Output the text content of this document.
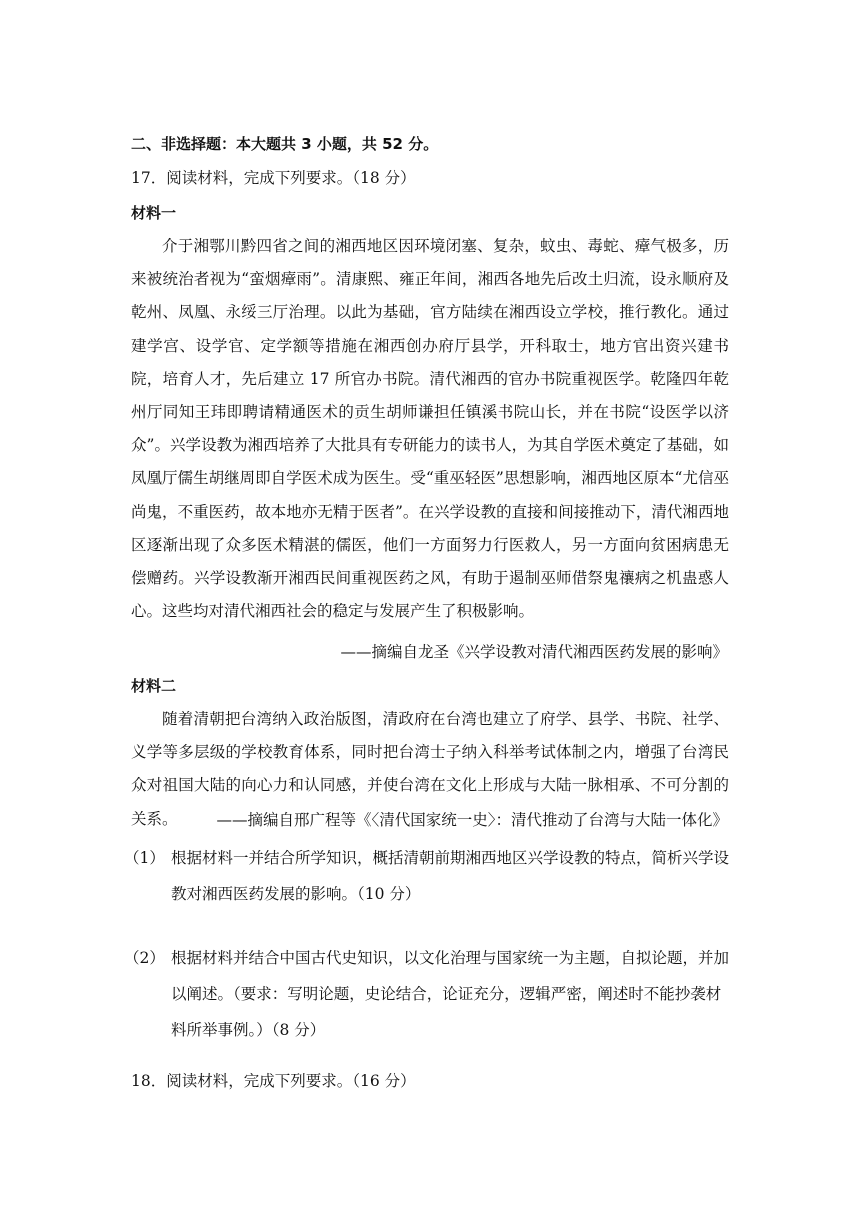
二、非选择题：本大题共 3 小题，共 52 分。
17．阅读材料，完成下列要求。（18 分）
材料一

介于湘鄂川黔四省之间的湘西地区因环境闭塞、复杂，蚊虫、毒蛇、瘴气极多，历来被统治者视为“蛮烟瘴雨”。清康熙、雍正年间，湘西各地先后改土归流，设永顺府及乾州、凤凰、永绥三厅治理。以此为基础，官方陆续在湘西设立学校，推行教化。通过建学宫、设学官、定学额等措施在湘西创办府厅县学，开科取士，地方官出资兴建书院，培育人才，先后建立 17 所官办书院。清代湘西的官办书院重视医学。乾隆四年乾州厅同知王玮即聘请精通医术的贡生胡师谦担任镇溪书院山长，并在书院“设医学以济众”。兴学设教为湘西培养了大批具有专研能力的读书人，为其自学医术奠定了基础，如凤凰厅儒生胡继周即自学医术成为医生。受“重巫轻医”思想影响，湘西地区原本“尤信巫尚鬼，不重医药，故本地亦无精于医者”。在兴学设教的直接和间接推动下，清代湘西地区逐渐出现了众多医术精湛的儒医，他们一方面努力行医救人，另一方面向贫困病患无偿赠药。兴学设教渐开湘西民间重视医药之风，有助于遏制巫师借祭鬼禳病之机蛊惑人心。这些均对清代湘西社会的稳定与发展产生了积极影响。

——摘编自龙圣《兴学设教对清代湘西医药发展的影响》
材料二

随着清朝把台湾纳入政治版图，清政府在台湾也建立了府学、县学、书院、社学、义学等多层级的学校教育体系，同时把台湾士子纳入科举考试体制之内，增强了台湾民众对祖国大陆的向心力和认同感，并使台湾在文化上形成与大陆一脉相承、不可分割的关系。	——摘编自邢广程等《〈清代国家统一史〉：清代推动了台湾与大陆一体化》
（1） 根据材料一并结合所学知识，概括清朝前期湘西地区兴学设教的特点，简析兴学设教对湘西医药发展的影响。（10 分）
（2） 根据材料并结合中国古代史知识，以文化治理与国家统一为主题，自拟论题，并加以阐述。（要求：写明论题，史论结合，论证充分，逻辑严密，阐述时不能抄袭材料所举事例。）（8 分）
18．阅读材料，完成下列要求。（16 分）
